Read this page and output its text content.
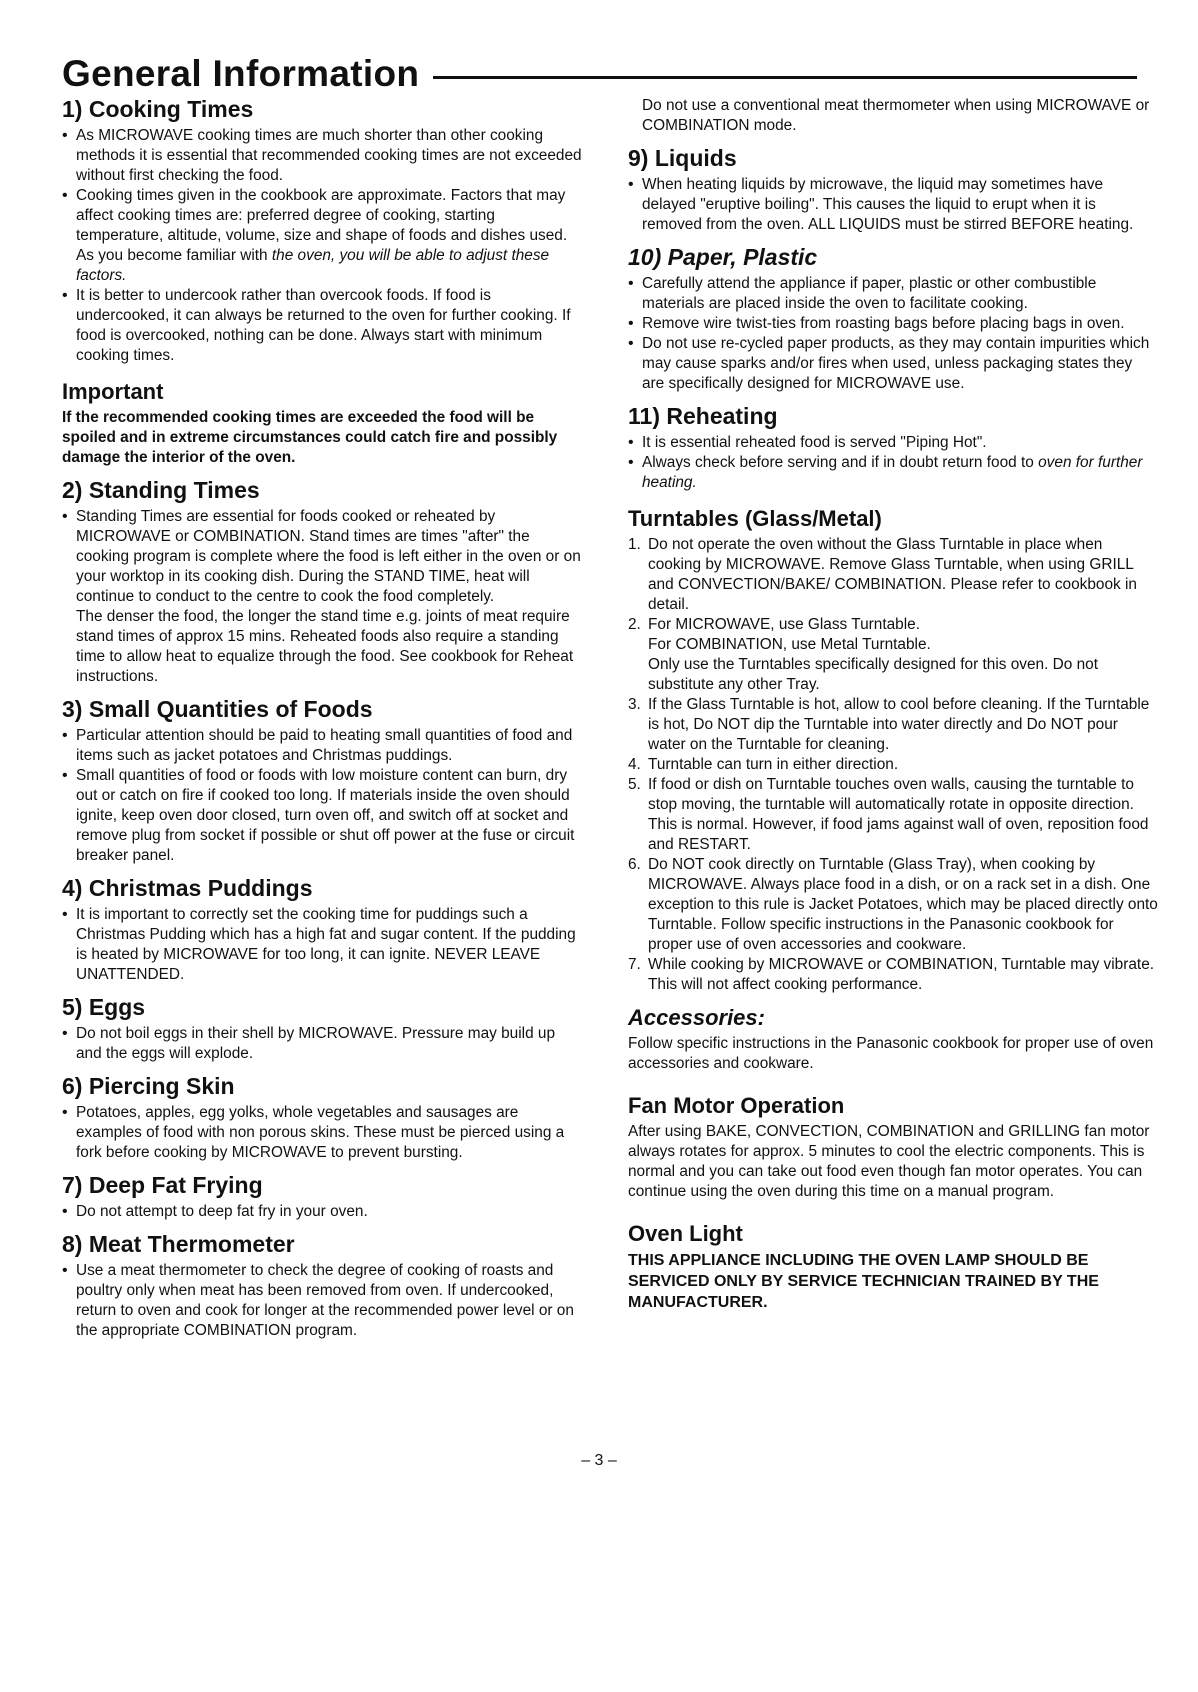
General Information
1) Cooking Times
• As MICROWAVE cooking times are much shorter than other cooking methods it is essential that recommended cooking times are not exceeded without first checking the food.
• Cooking times given in the cookbook are approximate. Factors that may affect cooking times are: preferred degree of cooking, starting temperature, altitude, volume, size and shape of foods and dishes used. As you become familiar with the oven, you will be able to adjust these factors.
• It is better to undercook rather than overcook foods. If food is undercooked, it can always be returned to the oven for further cooking. If food is overcooked, nothing can be done. Always start with minimum cooking times.
Important

If the recommended cooking times are exceeded the food will be spoiled and in extreme circumstances could catch fire and possibly damage the interior of the oven.

2) Standing Times
• Standing Times are essential for foods cooked or reheated by MICROWAVE or COMBINATION. Stand times are times "after" the cooking program is complete where the food is left either in the oven or on your worktop in its cooking dish. During the STAND TIME, heat will continue to conduct to the centre to cook the food completely.

The denser the food, the longer the stand time e.g. joints of meat require stand times of approx 15 mins. Reheated foods also require a standing time to allow heat to equalize through the food. See cookbook for Reheat instructions.

3) Small Quantities of Foods
• Particular attention should be paid to heating small quantities of food and items such as jacket potatoes and Christmas puddings.
• Small quantities of food or foods with low moisture content can burn, dry out or catch on fire if cooked too long. If materials inside the oven should ignite, keep oven door closed, turn oven off, and switch off at socket and remove plug from socket if possible or shut off power at the fuse or circuit breaker panel.
4) Christmas Puddings
• It is important to correctly set the cooking time for puddings such a Christmas Pudding which has a high fat and sugar content. If the pudding is heated by MICROWAVE for too long, it can ignite. NEVER LEAVE UNATTENDED.
5) Eggs
• Do not boil eggs in their shell by MICROWAVE. Pressure may build up and the eggs will explode.
6) Piercing Skin
• Potatoes, apples, egg yolks, whole vegetables and sausages are examples of food with non porous skins. These must be pierced using a fork before cooking by MICROWAVE to prevent bursting.
7) Deep Fat Frying
• Do not attempt to deep fat fry in your oven.
8) Meat Thermometer
• Use a meat thermometer to check the degree of cooking of roasts and poultry only when meat has been removed from oven. If undercooked, return to oven and cook for longer at the recommended power level or on the appropriate COMBINATION program.

Do not use a conventional meat thermometer when using MICROWAVE or COMBINATION mode.

9) Liquids
• When heating liquids by microwave, the liquid may sometimes have delayed "eruptive boiling". This causes the liquid to erupt when it is removed from the oven. ALL LIQUIDS must be stirred BEFORE heating.
10) Paper, Plastic
• Carefully attend the appliance if paper, plastic or other combustible materials are placed inside the oven to facilitate cooking.
• Remove wire twist-ties from roasting bags before placing bags in oven.
• Do not use re-cycled paper products, as they may contain impurities which may cause sparks and/or fires when used, unless packaging states they are specifically designed for MICROWAVE use.
11) Reheating
• It is essential reheated food is served "Piping Hot".
• Always check before serving and if in doubt return food to oven for further heating.
Turntables (Glass/Metal)
1. Do not operate the oven without the Glass Turntable in place when cooking by MICROWAVE. Remove Glass Turntable, when using GRILL and CONVECTION/BAKE/ COMBINATION. Please refer to cookbook in detail.
2. For MICROWAVE, use Glass Turntable.
For COMBINATION, use Metal Turntable.
Only use the Turntables specifically designed for this oven. Do not substitute any other Tray.
3. If the Glass Turntable is hot, allow to cool before cleaning. If the Turntable is hot, Do NOT dip the Turntable into water directly and Do NOT pour water on the Turntable for cleaning.
4. Turntable can turn in either direction.
5. If food or dish on Turntable touches oven walls, causing the turntable to stop moving, the turntable will automatically rotate in opposite direction. This is normal. However, if food jams against wall of oven, reposition food and RESTART.
6. Do NOT cook directly on Turntable (Glass Tray), when cooking by MICROWAVE. Always place food in a dish, or on a rack set in a dish. One exception to this rule is Jacket Potatoes, which may be placed directly onto Turntable. Follow specific instructions in the Panasonic cookbook for proper use of oven accessories and cookware.
7. While cooking by MICROWAVE or COMBINATION, Turntable may vibrate. This will not affect cooking performance.
Accessories:

Follow specific instructions in the Panasonic cookbook for proper use of oven accessories and cookware.

Fan Motor Operation

After using BAKE, CONVECTION, COMBINATION and GRILLING fan motor always rotates for approx. 5 minutes to cool the electric components. This is normal and you can take out food even though fan motor operates. You can continue using the oven during this time on a manual program.

Oven Light

THIS APPLIANCE INCLUDING THE OVEN LAMP SHOULD BE SERVICED ONLY BY SERVICE TECHNICIAN TRAINED BY THE MANUFACTURER.

– 3 –
